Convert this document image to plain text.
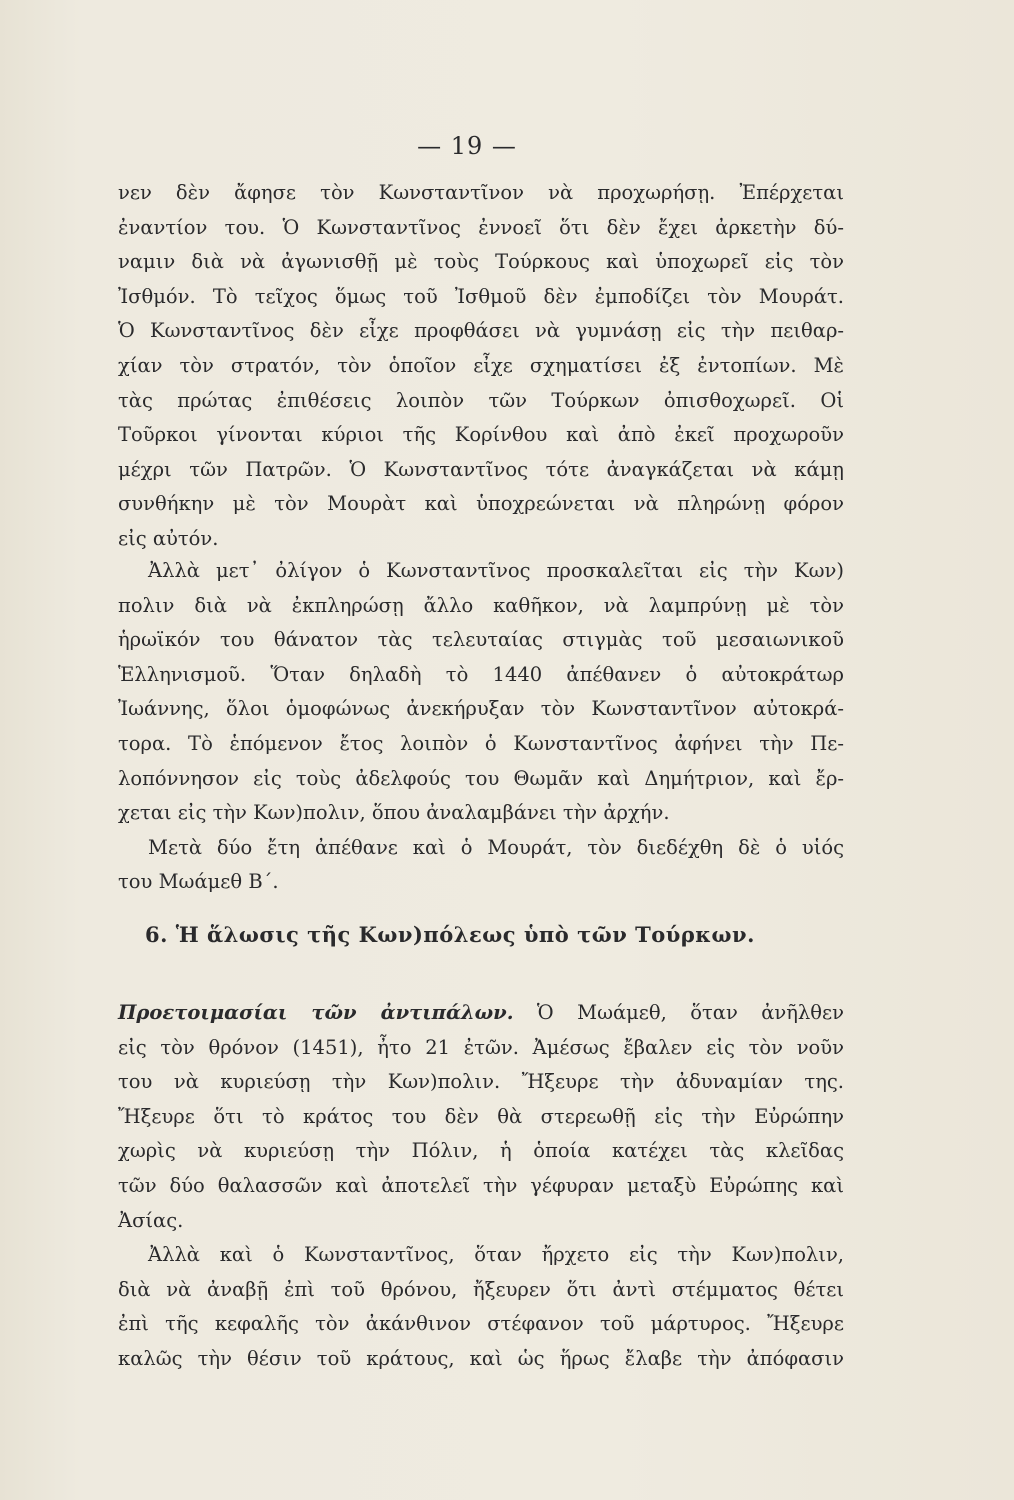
— 19 —
νεν δὲν ἄφησε τὸν Κωνσταντῖνον νὰ προχωρήσῃ. Ἐπέρχεται
ἐναντίον του. Ὁ Κωνσταντῖνος ἐννοεῖ ὅτι δὲν ἔχει ἀρκετὴν δύ-
ναμιν διὰ νὰ ἀγωνισθῇ μὲ τοὺς Τούρκους καὶ ὑποχωρεῖ εἰς τὸν
Ἰσθμόν. Τὸ τεῖχος ὅμως τοῦ Ἰσθμοῦ δὲν ἐμποδίζει τὸν Μουράτ.
Ὁ Κωνσταντῖνος δὲν εἶχε προφθάσει νὰ γυμνάσῃ εἰς τὴν πειθαρ-
χίαν τὸν στρατόν, τὸν ὁποῖον εἶχε σχηματίσει ἐξ ἐντοπίων. Μὲ
τὰς πρώτας ἐπιθέσεις λοιπὸν τῶν Τούρκων ὀπισθοχωρεῖ. Οἱ
Τοῦρκοι γίνονται κύριοι τῆς Κορίνθου καὶ ἀπὸ ἐκεῖ προχωροῦν
μέχρι τῶν Πατρῶν. Ὁ Κωνσταντῖνος τότε ἀναγκάζεται νὰ κάμῃ
συνθήκην μὲ τὸν Μουρὰτ καὶ ὑποχρεώνεται νὰ πληρώνῃ φόρον
εἰς αὐτόν.
Ἀλλὰ μετ᾽ ὀλίγον ὁ Κωνσταντῖνος προσκαλεῖται εἰς τὴν Κων)
πολιν διὰ νὰ ἐκπληρώσῃ ἄλλο καθῆκον, νὰ λαμπρύνῃ μὲ τὸν
ἡρωϊκόν του θάνατον τὰς τελευταίας στιγμὰς τοῦ μεσαιωνικοῦ
Ἑλληνισμοῦ. Ὅταν δηλαδὴ τὸ 1440 ἀπέθανεν ὁ αὐτοκράτωρ
Ἰωάννης, ὅλοι ὁμοφώνως ἀνεκήρυξαν τὸν Κωνσταντῖνον αὐτοκρά-
τορα. Τὸ ἑπόμενον ἔτος λοιπὸν ὁ Κωνσταντῖνος ἀφήνει τὴν Πε-
λοπόννησον εἰς τοὺς ἀδελφούς του Θωμᾶν καὶ Δημήτριον, καὶ ἔρ-
χεται εἰς τὴν Κων)πολιν, ὅπου ἀναλαμβάνει τὴν ἀρχήν.
Μετὰ δύο ἔτη ἀπέθανε καὶ ὁ Μουράτ, τὸν διεδέχθη δὲ ὁ υἱός
του Μωάμεθ Β΄.
6. Ἡ ἅλωσις τῆς Κων)πόλεως ὑπὸ τῶν Τούρκων.
Προετοιμασίαι τῶν ἀντιπάλων. Ὁ Μωάμεθ, ὅταν ἀνῆλθεν
εἰς τὸν θρόνον (1451), ἦτο 21 ἐτῶν. Ἀμέσως ἔβαλεν εἰς τὸν νοῦν
του νὰ κυριεύσῃ τὴν Κων)πολιν. Ἤξευρε τὴν ἀδυναμίαν της.
Ἤξευρε ὅτι τὸ κράτος του δὲν θὰ στερεωθῇ εἰς τὴν Εὐρώπην
χωρὶς νὰ κυριεύσῃ τὴν Πόλιν, ἡ ὁποία κατέχει τὰς κλεῖδας
τῶν δύο θαλασσῶν καὶ ἀποτελεῖ τὴν γέφυραν μεταξὺ Εὐρώπης καὶ
Ἀσίας.
Ἀλλὰ καὶ ὁ Κωνσταντῖνος, ὅταν ἤρχετο εἰς τὴν Κων)πολιν,
διὰ νὰ ἀναβῇ ἐπὶ τοῦ θρόνου, ἤξευρεν ὅτι ἀντὶ στέμματος θέτει
ἐπὶ τῆς κεφαλῆς τὸν ἀκάνθινον στέφανον τοῦ μάρτυρος. Ἤξευρε
καλῶς τὴν θέσιν τοῦ κράτους, καὶ ὡς ἥρως ἔλαβε τὴν ἀπόφασιν
